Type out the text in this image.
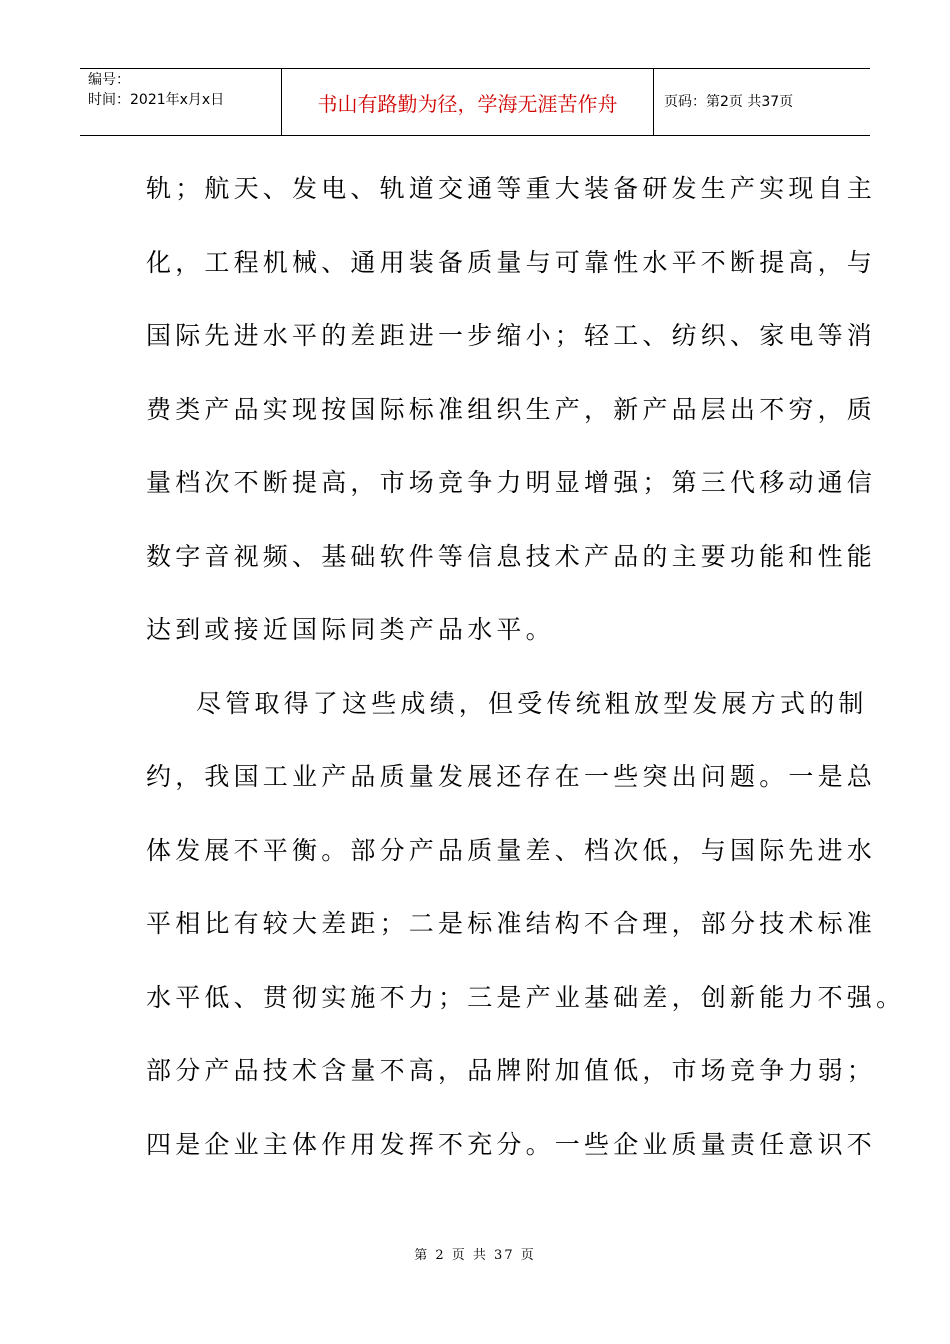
编号：
时间：2021年x月x日	书山有路勤为径，学海无涯苦作舟	页码：第2页 共37页
轨；航天、发电、轨道交通等重大装备研发生产实现自主
化，工程机械、通用装备质量与可靠性水平不断提高，与
国际先进水平的差距进一步缩小；轻工、纺织、家电等消
费类产品实现按国际标准组织生产，新产品层出不穷，质
量档次不断提高，市场竞争力明显增强；第三代移动通信
数字音视频、基础软件等信息技术产品的主要功能和性能
达到或接近国际同类产品水平。
尽管取得了这些成绩，但受传统粗放型发展方式的制
约，我国工业产品质量发展还存在一些突出问题。一是总
体发展不平衡。部分产品质量差、档次低，与国际先进水
平相比有较大差距；二是标准结构不合理，部分技术标准
水平低、贯彻实施不力；三是产业基础差，创新能力不强。
部分产品技术含量不高，品牌附加值低，市场竞争力弱；
四是企业主体作用发挥不充分。一些企业质量责任意识不
第 2 页 共 37 页
